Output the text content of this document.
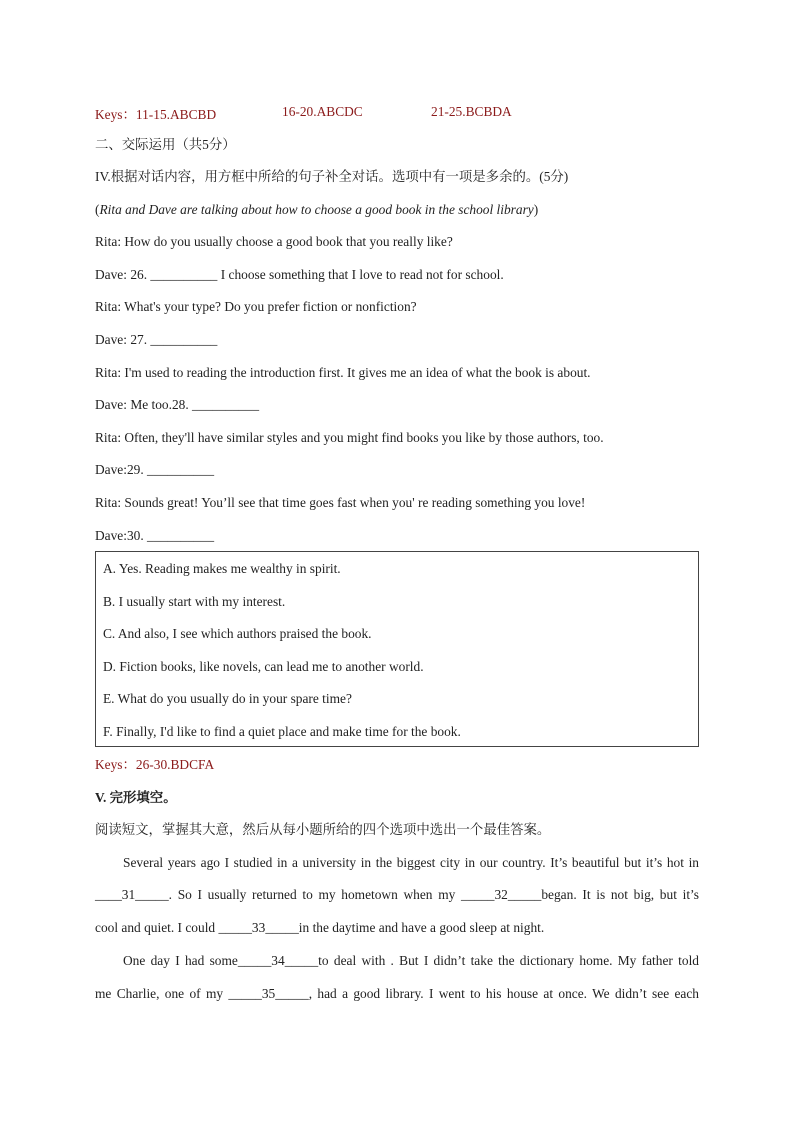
Keys：11-15.ABCBD	16-20.ABCDC	21-25.BCBDA
二、交际运用（共5分）
IV.根据对话内容，用方框中所给的句子补全对话。选项中有一项是多余的。(5分)
(Rita and Dave are talking about how to choose a good book in the school library)
Rita: How do you usually choose a good book that you really like?
Dave: 26. __________ I choose something that I love to read not for school.
Rita: What's your type? Do you prefer fiction or nonfiction?
Dave: 27. __________
Rita: I'm used to reading the introduction first. It gives me an idea of what the book is about.
Dave: Me too.28. __________
Rita: Often, they'll have similar styles and you might find books you like by those authors, too.
Dave:29. __________
Rita: Sounds great! You’ll see that time goes fast when you' re reading something you love!
Dave:30. __________
A. Yes. Reading makes me wealthy in spirit.
B. I usually start with my interest.
C. And also, I see which authors praised the book.
D. Fiction books, like novels, can lead me to another world.
E. What do you usually do in your spare time?
F. Finally, I'd like to find a quiet place and make time for the book.
Keys：26-30.BDCFA
V. 完形填空。
阅读短文，掌握其大意，然后从每小题所给的四个选项中选出一个最佳答案。
Several years ago I studied in a university in the biggest city in our country. It’s beautiful but it’s hot in
____31_____. So I usually returned to my hometown when my _____32_____began. It is not big, but it’s
cool and quiet. I could _____33_____in the daytime and have a good sleep at night.
One day I had some_____34_____to deal with . But I didn’t take the dictionary home. My father told
me Charlie, one of my _____35_____, had a good library. I went to his house at once. We didn’t see each
